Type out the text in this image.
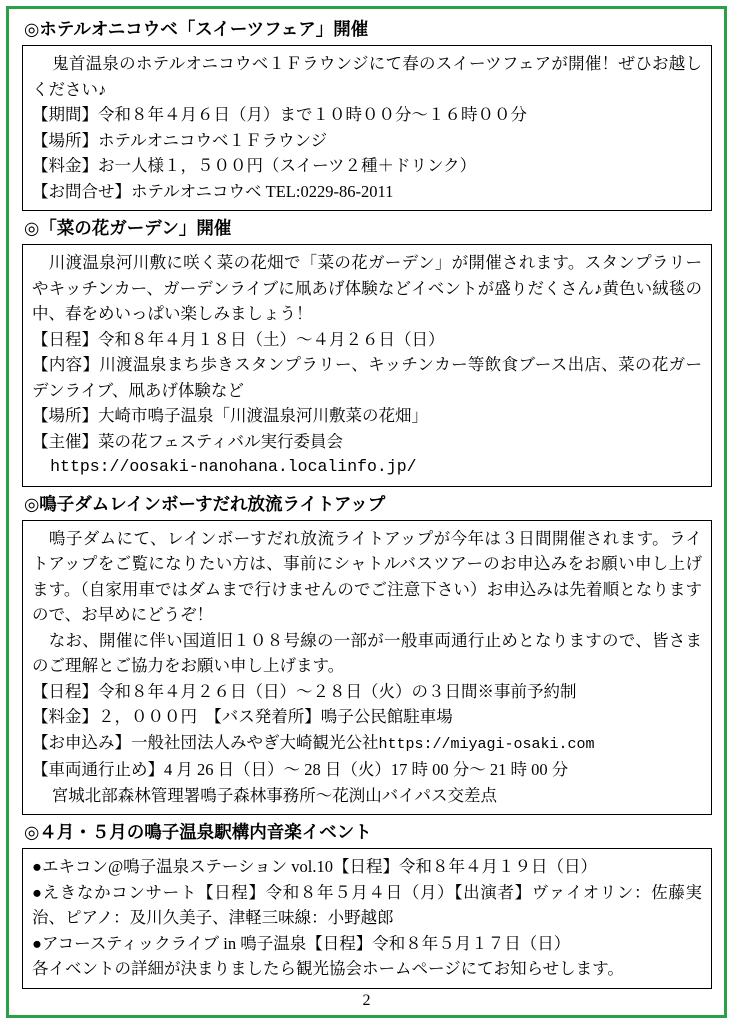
◎ホテルオニコウベ「スイーツフェア」開催

　鬼首温泉のホテルオニコウベ１Ｆラウンジにて春のスイーツフェアが開催！ぜひお越しください♪

【期間】令和８年４月６日（月）まで１０時００分～１６時００分

【場所】ホテルオニコウベ１Ｆラウンジ

【料金】お一人様１，５００円（スイーツ２種＋ドリンク）

【お問合せ】ホテルオニコウベ TEL:0229-86-2011

◎「菜の花ガーデン」開催

　川渡温泉河川敷に咲く菜の花畑で「菜の花ガーデン」が開催されます。スタンプラリーやキッチンカー、ガーデンライブに凧あげ体験などイベントが盛りだくさん♪黄色い絨毯の中、春をめいっぱい楽しみましょう！

【日程】令和８年４月１８日（土）～４月２６日（日）

【内容】川渡温泉まち歩きスタンプラリー、キッチンカー等飲食ブース出店、菜の花ガーデンライブ、凧あげ体験など

【場所】大崎市鳴子温泉「川渡温泉河川敷菜の花畑」

【主催】菜の花フェスティバル実行委員会

https://oosaki-nanohana.localinfo.jp/

◎鳴子ダムレインボーすだれ放流ライトアップ

　鳴子ダムにて、レインボーすだれ放流ライトアップが今年は３日間開催されます。ライトアップをご覧になりたい方は、事前にシャトルバスツアーのお申込みをお願い申し上げます。（自家用車ではダムまで行けませんのでご注意下さい）お申込みは先着順となりますので、お早めにどうぞ！

　なお、開催に伴い国道旧１０８号線の一部が一般車両通行止めとなりますので、皆さまのご理解とご協力をお願い申し上げます。

【日程】令和８年４月２６日（日）～２８日（火）の３日間※事前予約制

【料金】２，０００円　【バス発着所】鳴子公民館駐車場

【お申込み】一般社団法人みやぎ大崎観光公社https://miyagi-osaki.com

【車両通行止め】4 月 26 日（日）～ 28 日（火）17 時 00 分～ 21 時 00 分

宮城北部森林管理署鳴子森林事務所～花渕山バイパス交差点

◎４月・５月の鳴子温泉駅構内音楽イベント

●エキコン@鳴子温泉ステーション vol.10【日程】令和８年４月１９日（日）

●えきなかコンサート【日程】令和８年５月４日（月）【出演者】ヴァイオリン：佐藤実治、ピアノ：及川久美子、津軽三味線：小野越郎

●アコースティックライブ in 鳴子温泉【日程】令和８年５月１７日（日）

各イベントの詳細が決まりましたら観光協会ホームページにてお知らせします。

2
